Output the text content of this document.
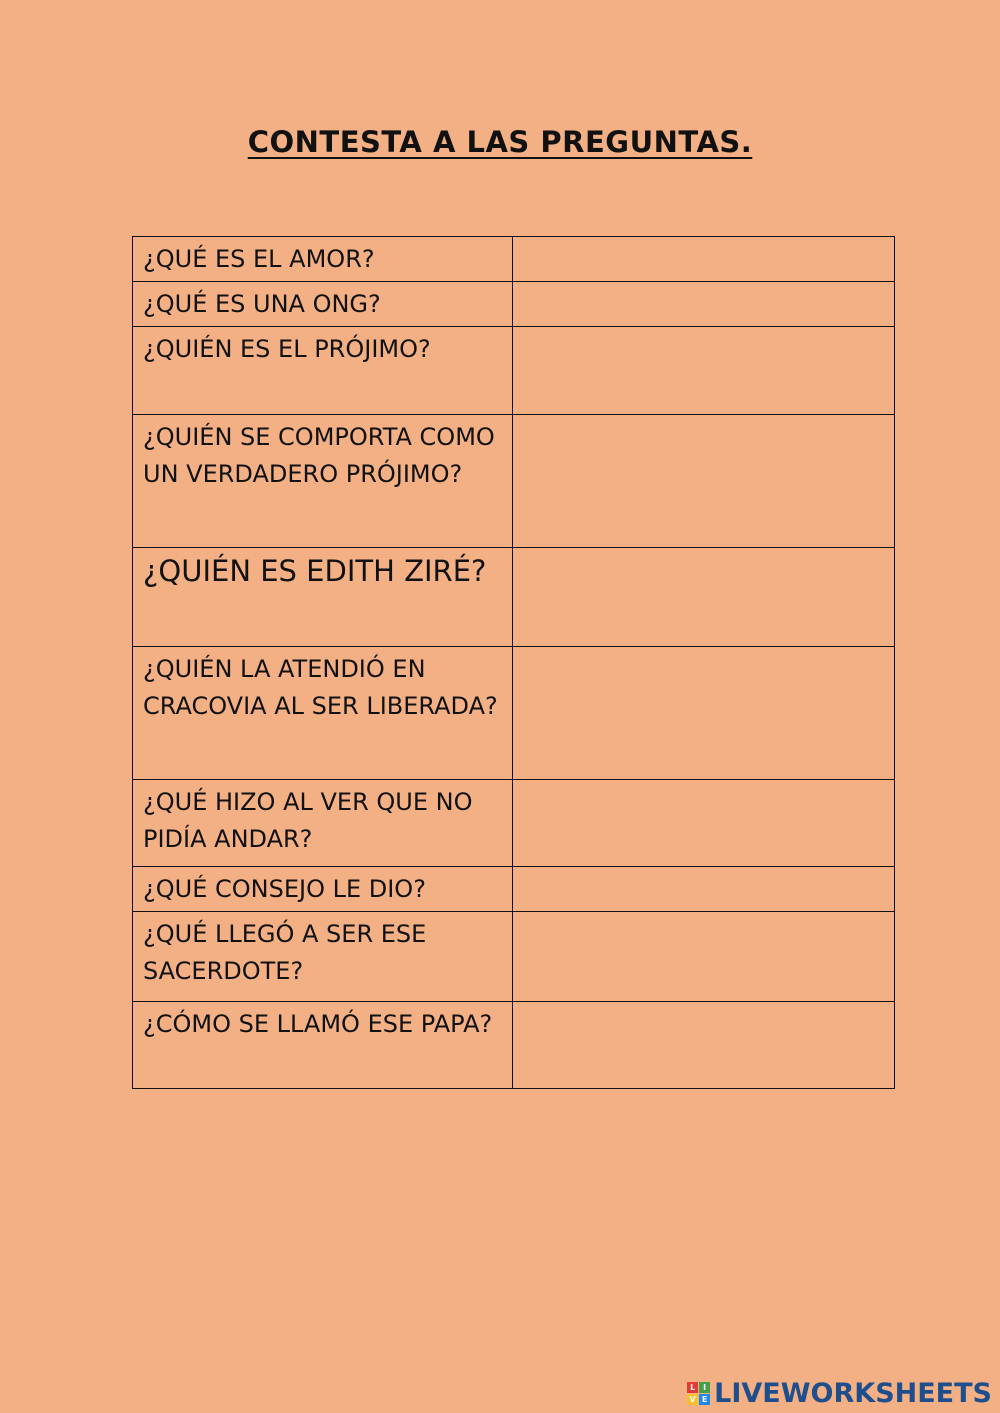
CONTESTA A LAS PREGUNTAS.
¿QUÉ ES EL AMOR?	
¿QUÉ ES UNA ONG?	
¿QUIÉN ES EL PRÓJIMO?	
¿QUIÉN SE COMPORTA COMO UN VERDADERO PRÓJIMO?	
¿QUIÉN ES EDITH ZIRÉ?	
¿QUIÉN LA ATENDIÓ EN CRACOVIA AL SER LIBERADA?	
¿QUÉ HIZO AL VER QUE NO PIDÍA ANDAR?	
¿QUÉ CONSEJO LE DIO?	
¿QUÉ LLEGÓ A SER ESE SACERDOTE?	
¿CÓMO SE LLAMÓ ESE PAPA?	
L I
V E LIVEWORKSHEETS
